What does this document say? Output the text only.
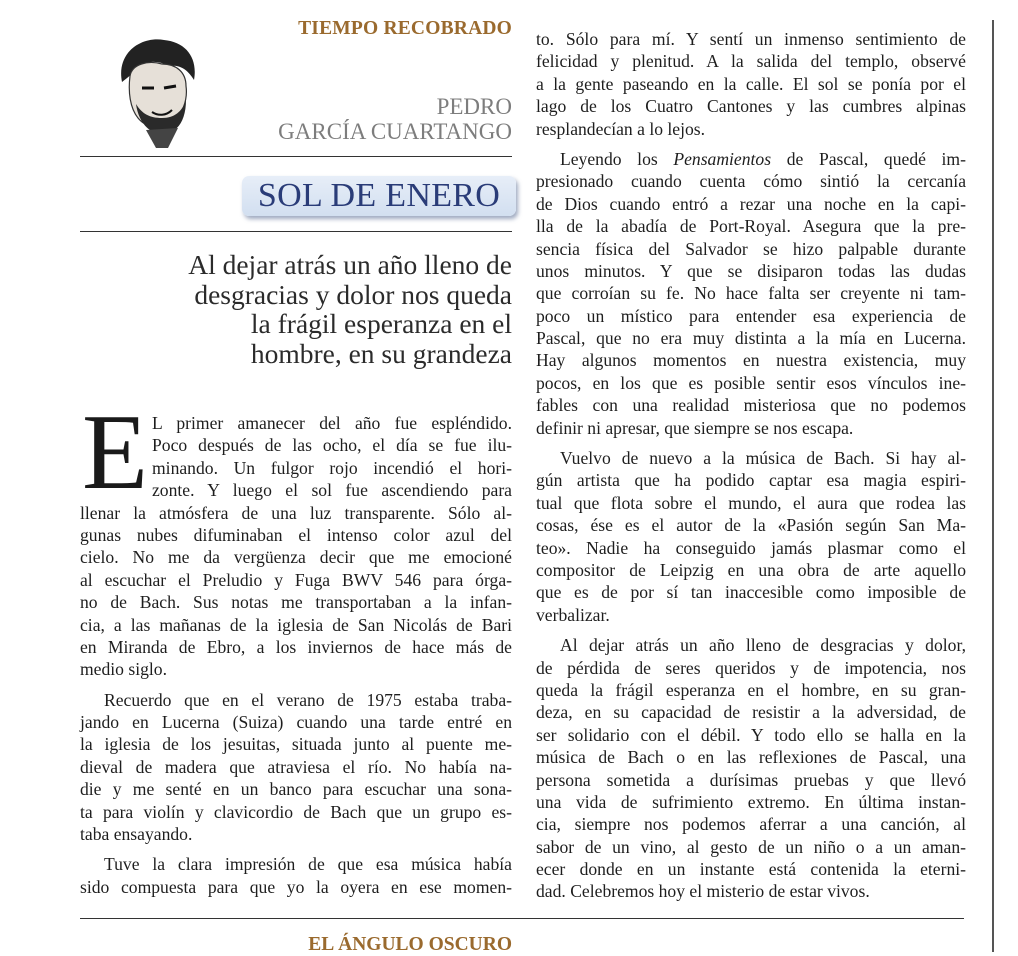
TIEMPO RECOBRADO
PEDRO
GARCÍA CUARTANGO
SOL DE ENERO
Al dejar atrás un año lleno de
desgracias y dolor nos queda
la frágil esperanza en el
hombre, en su grandeza
E L primer amanecer del año fue espléndido.
Poco después de las ocho, el día se fue ilu-
minando. Un fulgor rojo incendió el hori-
zonte. Y luego el sol fue ascendiendo para
llenar la atmósfera de una luz transparente. Sólo al-
gunas nubes difuminaban el intenso color azul del
cielo. No me da vergüenza decir que me emocioné
al escuchar el Preludio y Fuga BWV 546 para órga-
no de Bach. Sus notas me transportaban a la infan-
cia, a las mañanas de la iglesia de San Nicolás de Bari
en Miranda de Ebro, a los inviernos de hace más de
medio siglo.

Recuerdo que en el verano de 1975 estaba traba-
jando en Lucerna (Suiza) cuando una tarde entré en
la iglesia de los jesuitas, situada junto al puente me-
dieval de madera que atraviesa el río. No había na-
die y me senté en un banco para escuchar una sona-
ta para violín y clavicordio de Bach que un grupo es-
taba ensayando.

Tuve la clara impresión de que esa música había
sido compuesta para que yo la oyera en ese momen-

to. Sólo para mí. Y sentí un inmenso sentimiento de
felicidad y plenitud. A la salida del templo, observé
a la gente paseando en la calle. El sol se ponía por el
lago de los Cuatro Cantones y las cumbres alpinas
resplandecían a lo lejos.

Leyendo los Pensamientos de Pascal, quedé im-
presionado cuando cuenta cómo sintió la cercanía
de Dios cuando entró a rezar una noche en la capi-
lla de la abadía de Port-Royal. Asegura que la pre-
sencia física del Salvador se hizo palpable durante
unos minutos. Y que se disiparon todas las dudas
que corroían su fe. No hace falta ser creyente ni tam-
poco un místico para entender esa experiencia de
Pascal, que no era muy distinta a la mía en Lucerna.
Hay algunos momentos en nuestra existencia, muy
pocos, en los que es posible sentir esos vínculos ine-
fables con una realidad misteriosa que no podemos
definir ni apresar, que siempre se nos escapa.

Vuelvo de nuevo a la música de Bach. Si hay al-
gún artista que ha podido captar esa magia espiri-
tual que flota sobre el mundo, el aura que rodea las
cosas, ése es el autor de la «Pasión según San Ma-
teo». Nadie ha conseguido jamás plasmar como el
compositor de Leipzig en una obra de arte aquello
que es de por sí tan inaccesible como imposible de
verbalizar.

Al dejar atrás un año lleno de desgracias y dolor,
de pérdida de seres queridos y de impotencia, nos
queda la frágil esperanza en el hombre, en su gran-
deza, en su capacidad de resistir a la adversidad, de
ser solidario con el débil. Y todo ello se halla en la
música de Bach o en las reflexiones de Pascal, una
persona sometida a durísimas pruebas y que llevó
una vida de sufrimiento extremo. En última instan-
cia, siempre nos podemos aferrar a una canción, al
sabor de un vino, al gesto de un niño o a un aman-
ecer donde en un instante está contenida la eterni-
dad. Celebremos hoy el misterio de estar vivos.

EL ÁNGULO OSCURO
